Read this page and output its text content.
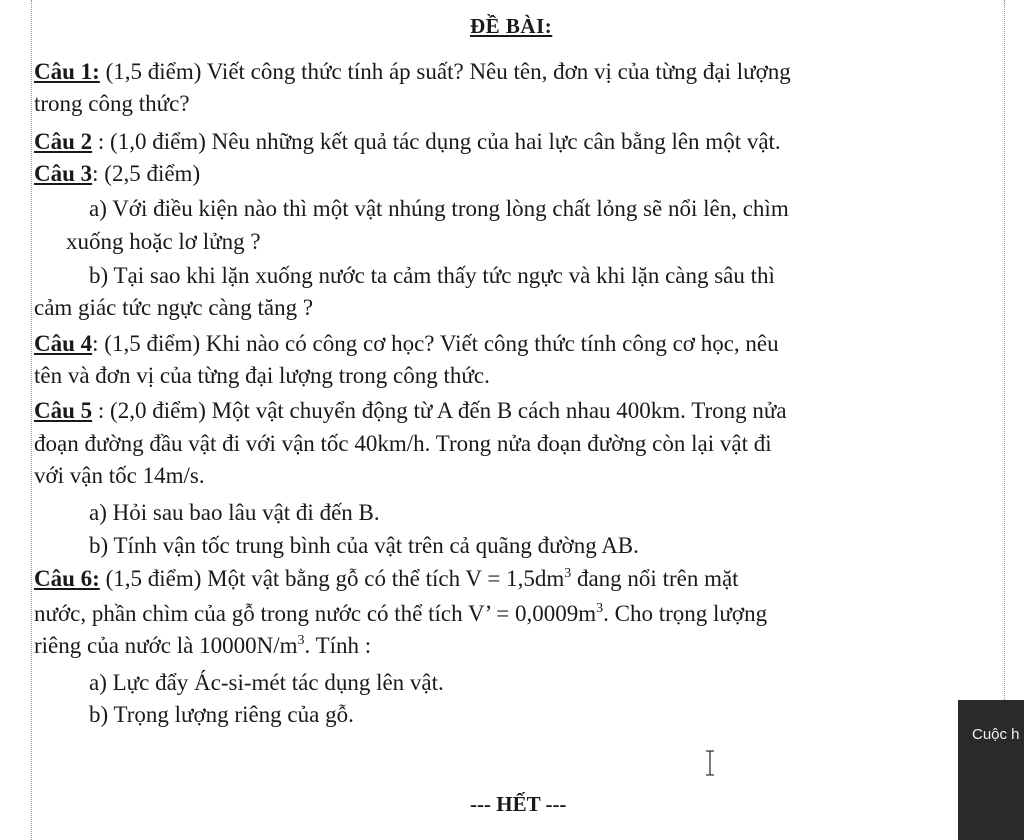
ĐỀ BÀI:
Câu 1: (1,5 điểm) Viết công thức tính áp suất? Nêu tên, đơn vị của từng đại lượng
trong công thức?
Câu 2 : (1,0 điểm) Nêu những kết quả tác dụng của hai lực cân bằng lên một vật.
Câu 3: (2,5 điểm)
a) Với điều kiện nào thì một vật nhúng trong lòng chất lỏng sẽ nổi lên, chìm
xuống hoặc lơ lửng ?
b) Tại sao khi lặn xuống nước ta cảm thấy tức ngực và khi lặn càng sâu thì
cảm giác tức ngực càng tăng ?
Câu 4: (1,5 điểm) Khi nào có công cơ học? Viết công thức tính công cơ học, nêu
tên và đơn vị của từng đại lượng trong công thức.
Câu 5 : (2,0 điểm) Một vật chuyển động từ A đến B cách nhau 400km. Trong nửa
đoạn đường đầu vật đi với vận tốc 40km/h. Trong nửa đoạn đường còn lại vật đi
với vận tốc 14m/s.
a) Hỏi sau bao lâu vật đi đến B.
b) Tính vận tốc trung bình của vật trên cả quãng đường AB.
Câu 6: (1,5 điểm) Một vật bằng gỗ có thể tích $V = 1,5dm^3$ đang nổi trên mặt
nước, phần chìm của gỗ trong nước có thể tích V’ = $0,0009m^3$. Cho trọng lượng
riêng của nước là $10000N/m^3$. Tính :
a) Lực đẩy Ác-si-mét tác dụng lên vật.
b) Trọng lượng riêng của gỗ.
--- HẾT ---
Cuộc h
